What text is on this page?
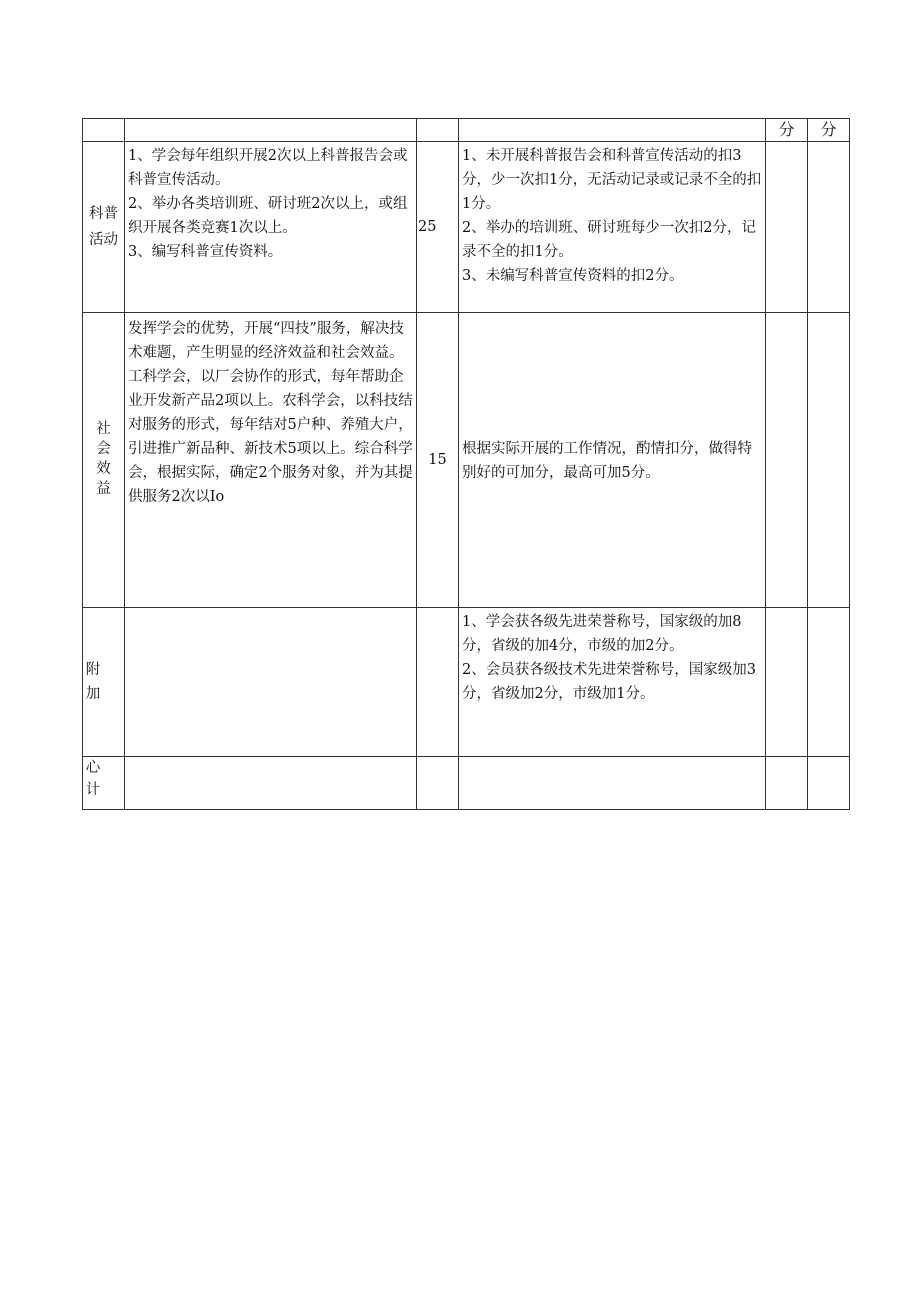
				分	分
科普活动	1、学会每年组织开展2次以上科普报告会或科普宣传活动。
2、举办各类培训班、研讨班2次以上，或组织开展各类竞赛1次以上。
3、编写科普宣传资料。	25	1、未开展科普报告会和科普宣传活动的扣3分，少一次扣1分，无活动记录或记录不全的扣1分。
2、举办的培训班、研讨班每少一次扣2分，记录不全的扣1分。
3、未编写科普宣传资料的扣2分。		
社会效益	发挥学会的优势，开展“四技”服务，解决技术难题，产生明显的经济效益和社会效益。
工科学会，以厂会协作的形式，每年帮助企业开发新产品2项以上。农科学会，以科技结对服务的形式，每年结对5户种、养殖大户，引进推广新品种、新技术5项以上。综合科学会，根据实际，确定2个服务对象，并为其提供服务2次以Io	15	根据实际开展的工作情况，酌情扣分，做得特别好的可加分，最高可加5分。		
附加			1、学会获各级先进荣誉称号，国家级的加8分，省级的加4分，市级的加2分。
2、会员获各级技术先进荣誉称号，国家级加3分，省级加2分，市级加1分。		
心计					
